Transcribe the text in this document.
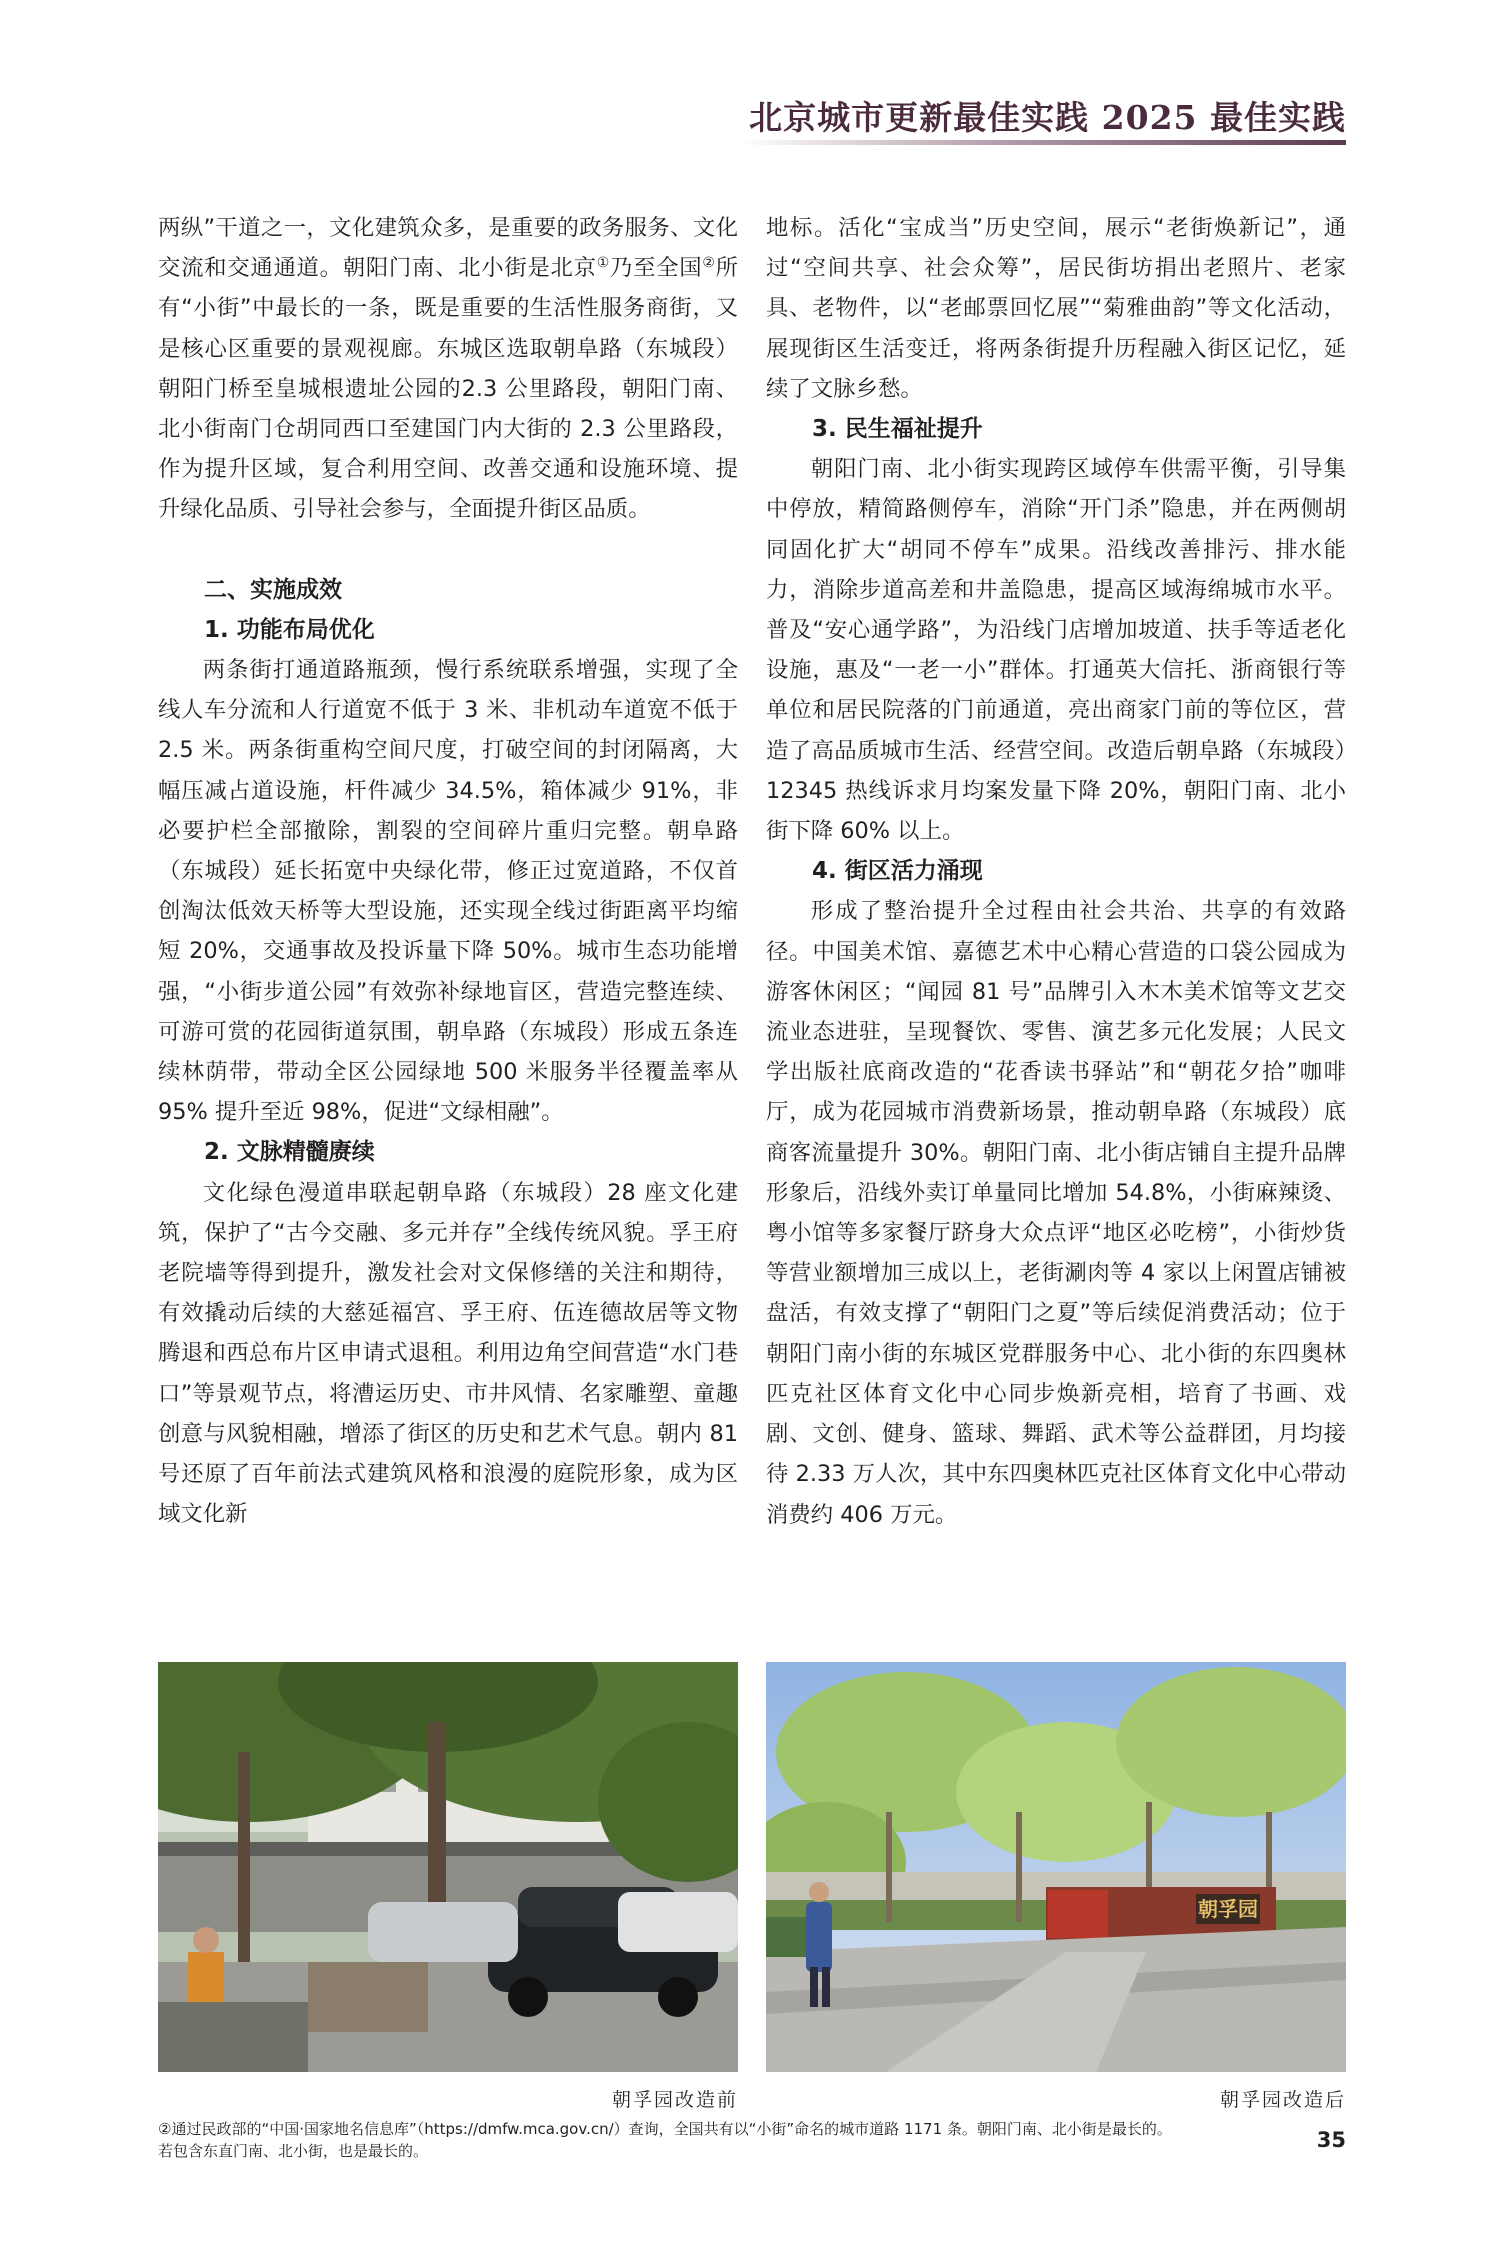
北京城市更新最佳实践 2025 最佳实践

两纵”干道之一，文化建筑众多，是重要的政务服务、文化交流和交通通道。朝阳门南、北小街是北京①乃至全国②所有“小街”中最长的一条，既是重要的生活性服务商街，又是核心区重要的景观视廊。东城区选取朝阜路（东城段）朝阳门桥至皇城根遗址公园的2.3 公里路段，朝阳门南、北小街南门仓胡同西口至建国门内大街的 2.3 公里路段，作为提升区域，复合利用空间、改善交通和设施环境、提升绿化品质、引导社会参与，全面提升街区品质。

二、实施成效
1. 功能布局优化

两条街打通道路瓶颈，慢行系统联系增强，实现了全线人车分流和人行道宽不低于 3 米、非机动车道宽不低于 2.5 米。两条街重构空间尺度，打破空间的封闭隔离，大幅压减占道设施，杆件减少 34.5%，箱体减少 91%，非必要护栏全部撤除，割裂的空间碎片重归完整。朝阜路（东城段）延长拓宽中央绿化带，修正过宽道路，不仅首创淘汰低效天桥等大型设施，还实现全线过街距离平均缩短 20%，交通事故及投诉量下降 50%。城市生态功能增强，“小街步道公园”有效弥补绿地盲区，营造完整连续、可游可赏的花园街道氛围，朝阜路（东城段）形成五条连续林荫带，带动全区公园绿地 500 米服务半径覆盖率从 95% 提升至近 98%，促进“文绿相融”。

2. 文脉精髓赓续

文化绿色漫道串联起朝阜路（东城段）28 座文化建筑，保护了“古今交融、多元并存”全线传统风貌。孚王府老院墙等得到提升，激发社会对文保修缮的关注和期待，有效撬动后续的大慈延福宫、孚王府、伍连德故居等文物腾退和西总布片区申请式退租。利用边角空间营造“水门巷口”等景观节点，将漕运历史、市井风情、名家雕塑、童趣创意与风貌相融，增添了街区的历史和艺术气息。朝内 81 号还原了百年前法式建筑风格和浪漫的庭院形象，成为区域文化新

地标。活化“宝成当”历史空间，展示“老街焕新记”，通过“空间共享、社会众筹”，居民街坊捐出老照片、老家具、老物件，以“老邮票回忆展”“菊雅曲韵”等文化活动，展现街区生活变迁，将两条街提升历程融入街区记忆，延续了文脉乡愁。

3. 民生福祉提升

朝阳门南、北小街实现跨区域停车供需平衡，引导集中停放，精简路侧停车，消除“开门杀”隐患，并在两侧胡同固化扩大“胡同不停车”成果。沿线改善排污、排水能力，消除步道高差和井盖隐患，提高区域海绵城市水平。普及“安心通学路”，为沿线门店增加坡道、扶手等适老化设施，惠及“一老一小”群体。打通英大信托、浙商银行等单位和居民院落的门前通道，亮出商家门前的等位区，营造了高品质城市生活、经营空间。改造后朝阜路（东城段）12345 热线诉求月均案发量下降 20%，朝阳门南、北小街下降 60% 以上。

4. 街区活力涌现

形成了整治提升全过程由社会共治、共享的有效路径。中国美术馆、嘉德艺术中心精心营造的口袋公园成为游客休闲区；“闻园 81 号”品牌引入木木美术馆等文艺交流业态进驻，呈现餐饮、零售、演艺多元化发展；人民文学出版社底商改造的“花香读书驿站”和“朝花夕拾”咖啡厅，成为花园城市消费新场景，推动朝阜路（东城段）底商客流量提升 30%。朝阳门南、北小街店铺自主提升品牌形象后，沿线外卖订单量同比增加 54.8%，小街麻辣烫、粤小馆等多家餐厅跻身大众点评“地区必吃榜”，小街炒货等营业额增加三成以上，老街涮肉等 4 家以上闲置店铺被盘活，有效支撑了“朝阳门之夏”等后续促消费活动；位于朝阳门南小街的东城区党群服务中心、北小街的东四奥林匹克社区体育文化中心同步焕新亮相，培育了书画、戏剧、文创、健身、篮球、舞蹈、武术等公益群团，月均接待 2.33 万人次，其中东四奥林匹克社区体育文化中心带动消费约 406 万元。

朝孚园改造前
朝孚园
朝孚园改造后
②通过民政部的“中国·国家地名信息库”（https://dmfw.mca.gov.cn/）查询，全国共有以“小街”命名的城市道路 1171 条。朝阳门南、北小街是最长的。
若包含东直门南、北小街，也是最长的。	35
